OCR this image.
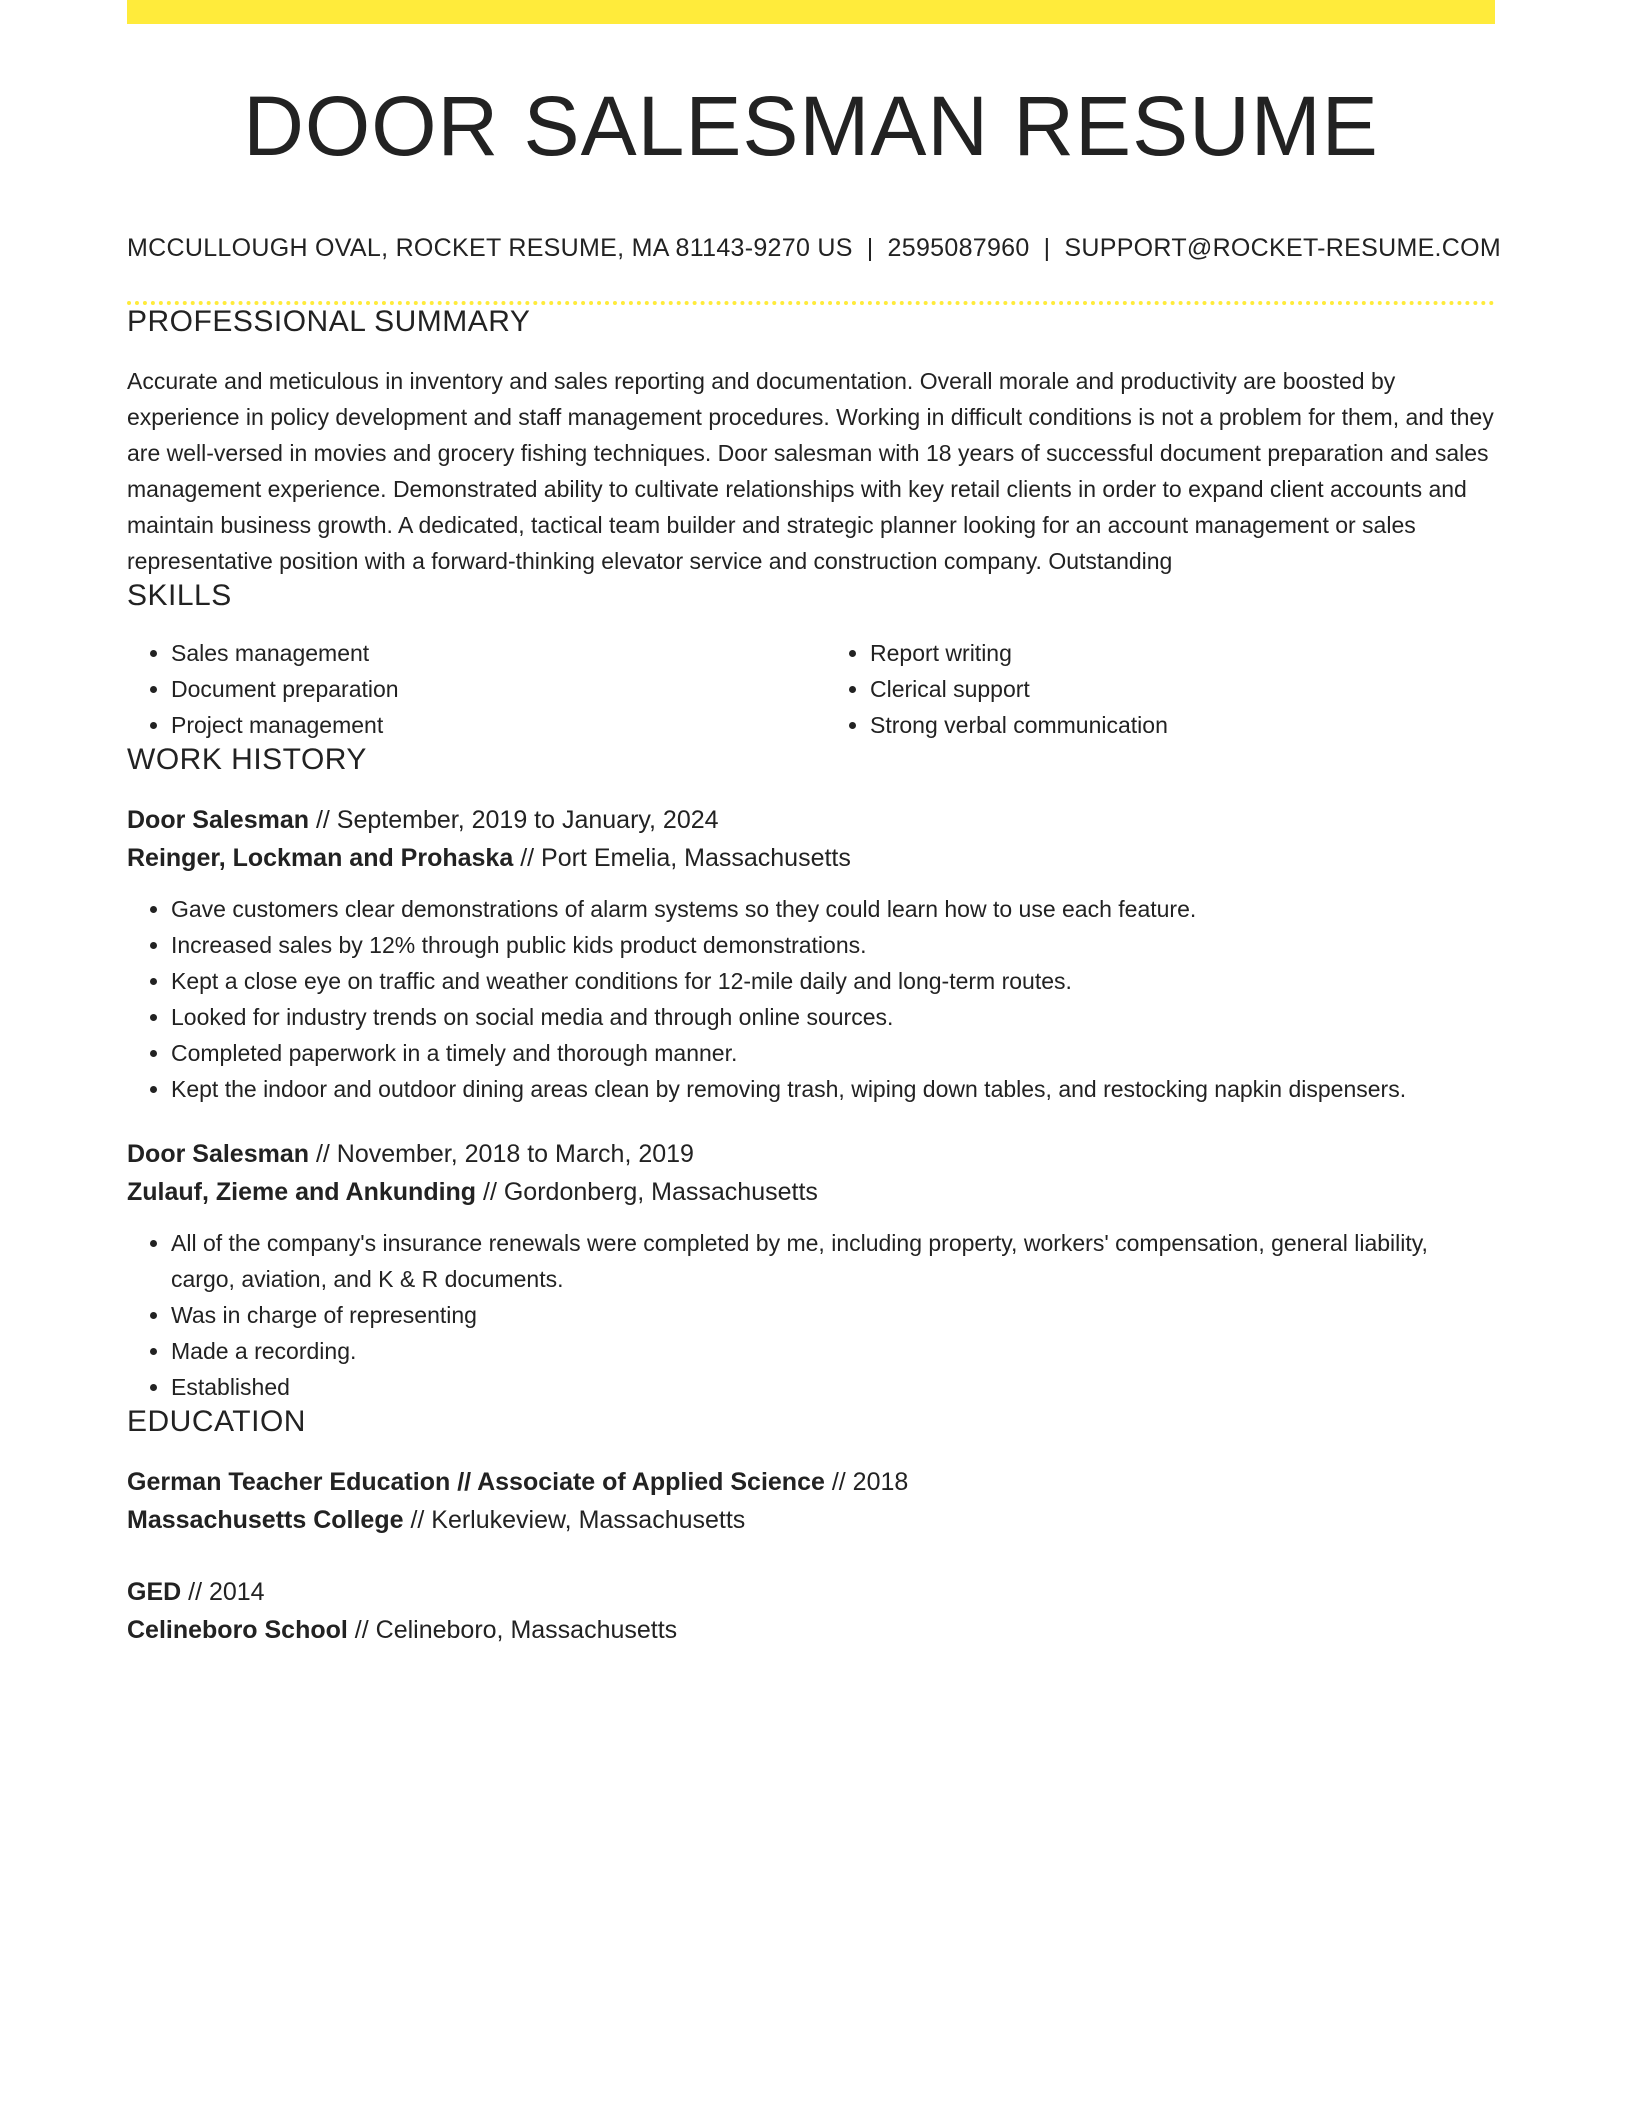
DOOR SALESMAN RESUME
MCCULLOUGH OVAL, ROCKET RESUME, MA 81143-9270 US | 2595087960 | SUPPORT@ROCKET-RESUME.COM
PROFESSIONAL SUMMARY

Accurate and meticulous in inventory and sales reporting and documentation. Overall morale and productivity are boosted by experience in policy development and staff management procedures. Working in difficult conditions is not a problem for them, and they are well-versed in movies and grocery fishing techniques. Door salesman with 18 years of successful document preparation and sales management experience. Demonstrated ability to cultivate relationships with key retail clients in order to expand client accounts and maintain business growth. A dedicated, tactical team builder and strategic planner looking for an account management or sales representative position with a forward-thinking elevator service and construction company. Outstanding

SKILLS
• Sales management
• Document preparation
• Project management
• Report writing
• Clerical support
• Strong verbal communication
WORK HISTORY
Door Salesman // September, 2019 to January, 2024
Reinger, Lockman and Prohaska // Port Emelia, Massachusetts
• Gave customers clear demonstrations of alarm systems so they could learn how to use each feature.
• Increased sales by 12% through public kids product demonstrations.
• Kept a close eye on traffic and weather conditions for 12-mile daily and long-term routes.
• Looked for industry trends on social media and through online sources.
• Completed paperwork in a timely and thorough manner.
• Kept the indoor and outdoor dining areas clean by removing trash, wiping down tables, and restocking napkin dispensers.
Door Salesman // November, 2018 to March, 2019
Zulauf, Zieme and Ankunding // Gordonberg, Massachusetts
• All of the company's insurance renewals were completed by me, including property, workers' compensation, general liability, cargo, aviation, and K & R documents.
• Was in charge of representing
• Made a recording.
• Established
EDUCATION
German Teacher Education // Associate of Applied Science // 2018
Massachusetts College // Kerlukeview, Massachusetts
GED // 2014
Celineboro School // Celineboro, Massachusetts
